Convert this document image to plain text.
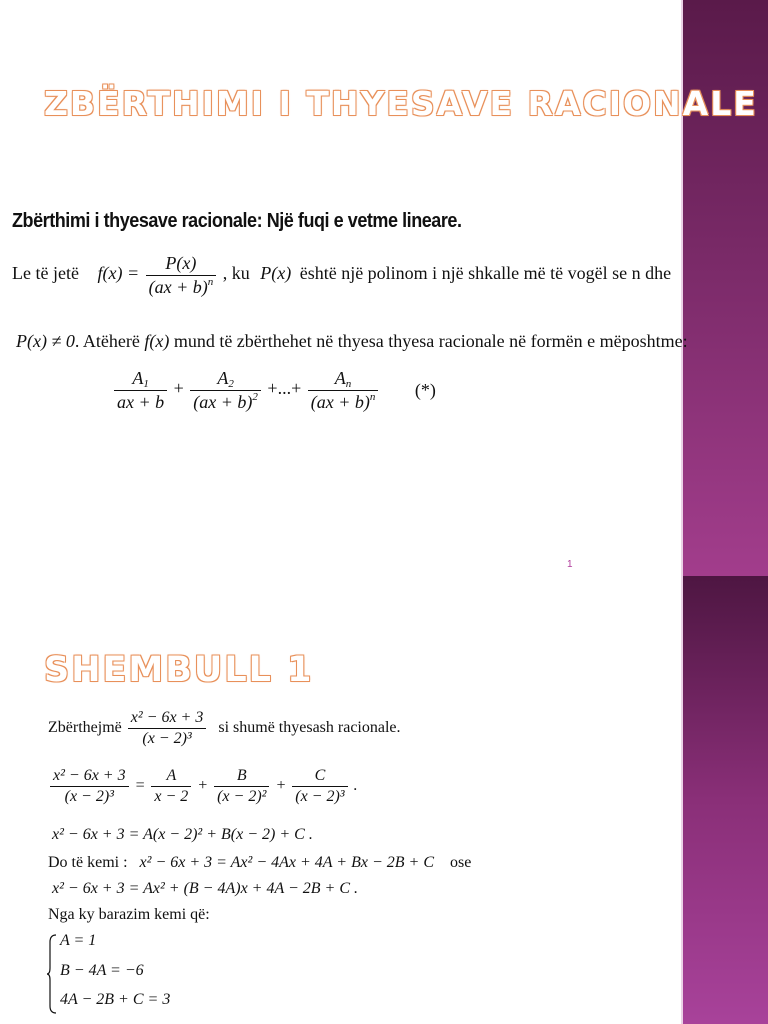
ZBËRTHIMI I THYESAVE RACIONALE
Zbërthimi i thyesave racionale: Një fuqi e vetme lineare.
Le të jetë $f(x) = \frac{P(x)}{(ax + b)^n}$ , ku P(x) është një polinom i një shkalle më të vogël se n dhe
P(x) ≠ 0. Atëherë f(x) mund të zbërthehet në thyesa thyesa racionale në formën e mëposhtme:
$\frac{A_1}{ax + b} + \frac{A_2}{(ax + b)^2}$ +...+ $\frac{A_n}{(ax + b)^n}$ (*)
1
SHEMBULL 1
Zbërthejmë $\frac{\text{x² − 6x + 3}}{\text{(x − 2)³}}$ si shumë thyesash racionale.
$\frac{\text{x² − 6x + 3}}{\text{(x − 2)³}} = \frac{A}{x - 2} + \frac{B}{\text{(x − 2)²}} + \frac{C}{\text{(x − 2)³}}$ .
x² − 6x + 3 = A(x − 2)² + B(x − 2) + C .
Do të kemi : x² − 6x + 3 = Ax² − 4Ax + 4A + Bx − 2B + C ose
x² − 6x + 3 = Ax² + (B − 4A)x + 4A − 2B + C .
Nga ky barazim kemi që:
A = 1
B − 4A = −6
4A − 2B + C = 3
